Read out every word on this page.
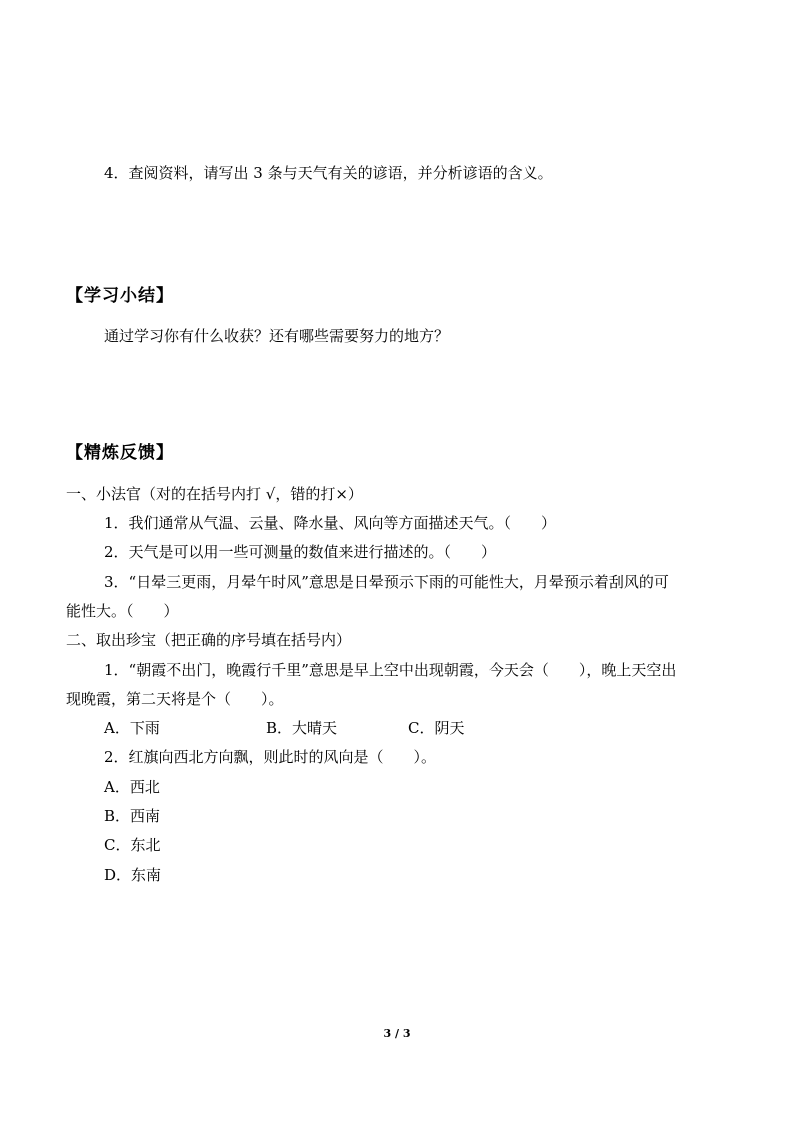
4．查阅资料，请写出 3 条与天气有关的谚语，并分析谚语的含义。
【学习小结】
通过学习你有什么收获？还有哪些需要努力的地方？
【精炼反馈】
一、小法官（对的在括号内打 √，错的打×）
1．我们通常从气温、云量、降水量、风向等方面描述天气。（　　）
2．天气是可以用一些可测量的数值来进行描述的。（　　）
3．“日晕三更雨，月晕午时风”意思是日晕预示下雨的可能性大，月晕预示着刮风的可
能性大。（　　）
二、取出珍宝（把正确的序号填在括号内）
1．“朝霞不出门，晚霞行千里”意思是早上空中出现朝霞，今天会（　　），晚上天空出
现晚霞，第二天将是个（　　）。
A．下雨	B．大晴天	C．阴天
2．红旗向西北方向飘，则此时的风向是（　　）。
A．西北
B．西南
C．东北
D．东南
3 / 3
